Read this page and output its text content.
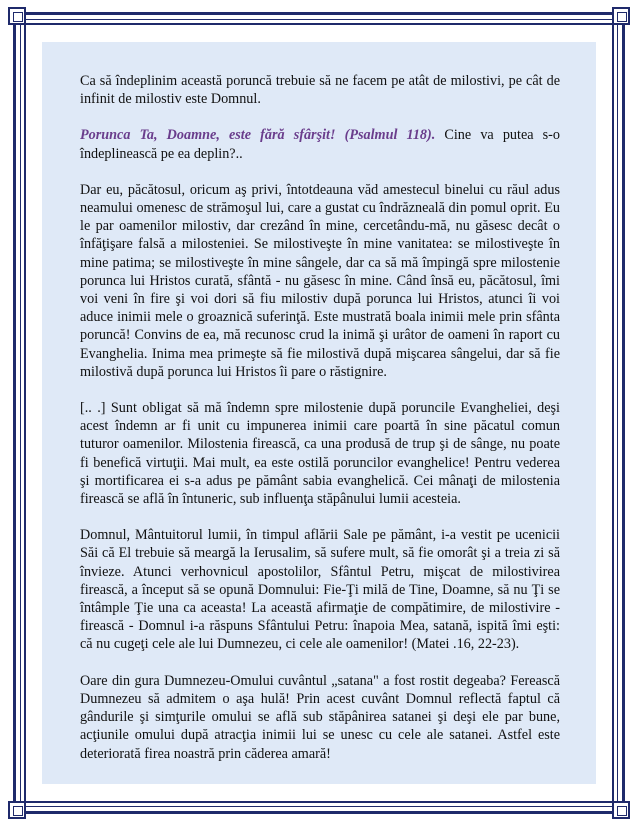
Ca să îndeplinim această poruncă trebuie să ne facem pe atât de milostivi, pe cât de infinit de milostiv este Domnul.

Porunca Ta, Doamne, este fără sfârşit! (Psalmul 118). Cine va putea s-o îndeplinească pe ea deplin?..

Dar eu, păcătosul, oricum aş privi, întotdeauna văd amestecul binelui cu răul adus neamului omenesc de strămoşul lui, care a gustat cu îndrăzneală din pomul oprit. Eu le par oamenilor milostiv, dar crezând în mine, cercetându-mă, nu găsesc decât o înfăţişare falsă a milosteniei. Se milostiveşte în mine vanitatea: se milostiveşte în mine patima; se milostiveşte în mine sângele, dar ca să mă împingă spre milostenie porunca lui Hristos curată, sfântă - nu găsesc în mine. Când însă eu, păcătosul, îmi voi veni în fire şi voi dori să fiu milostiv după porunca lui Hristos, atunci îi voi aduce inimii mele o groaznică suferinţă. Este mustrată boala inimii mele prin sfânta poruncă! Convins de ea, mă recunosc crud la inimă şi urâtor de oameni în raport cu Evanghelia. Inima mea primeşte să fie milostivă după mişcarea sângelui, dar să fie milostivă după porunca lui Hristos îi pare o răstignire.

[.. .] Sunt obligat să mă îndemn spre milostenie după poruncile Evangheliei, deşi acest îndemn ar fi unit cu impunerea inimii care poartă în sine păcatul comun tuturor oamenilor. Milostenia firească, ca una produsă de trup şi de sânge, nu poate fi benefică virtuţii. Mai mult, ea este ostilă poruncilor evanghelice! Pentru vederea şi mortificarea ei s-a adus pe pământ sabia evanghelică. Cei mânaţi de milostenia firească se află în întuneric, sub influenţa stăpânului lumii acesteia.

Domnul, Mântuitorul lumii, în timpul aflării Sale pe pământ, i-a vestit pe ucenicii Săi că El trebuie să meargă la Ierusalim, să sufere mult, să fie omorât şi a treia zi să învieze. Atunci verhovnicul apostolilor, Sfântul Petru, mişcat de milostivirea firească, a început să se opună Domnului: Fie-Ţi milă de Tine, Doamne, să nu Ţi se întâmple Ţie una ca aceasta! La această afirmaţie de compătimire, de milostivire - firească - Domnul i-a răspuns Sfântului Petru: înapoia Mea, satană, ispită îmi eşti: că nu cugeţi cele ale lui Dumnezeu, ci cele ale oamenilor! (Matei .16, 22-23).

Oare din gura Dumnezeu-Omului cuvântul „satana" a fost rostit degeaba? Ferească Dumnezeu să admitem o aşa hulă! Prin acest cuvânt Domnul reflectă faptul că gândurile şi simţurile omului se află sub stăpânirea satanei şi deşi ele par bune, acţiunile omului după atracţia inimii lui se unesc cu cele ale satanei. Astfel este deteriorată firea noastră prin căderea amară!
